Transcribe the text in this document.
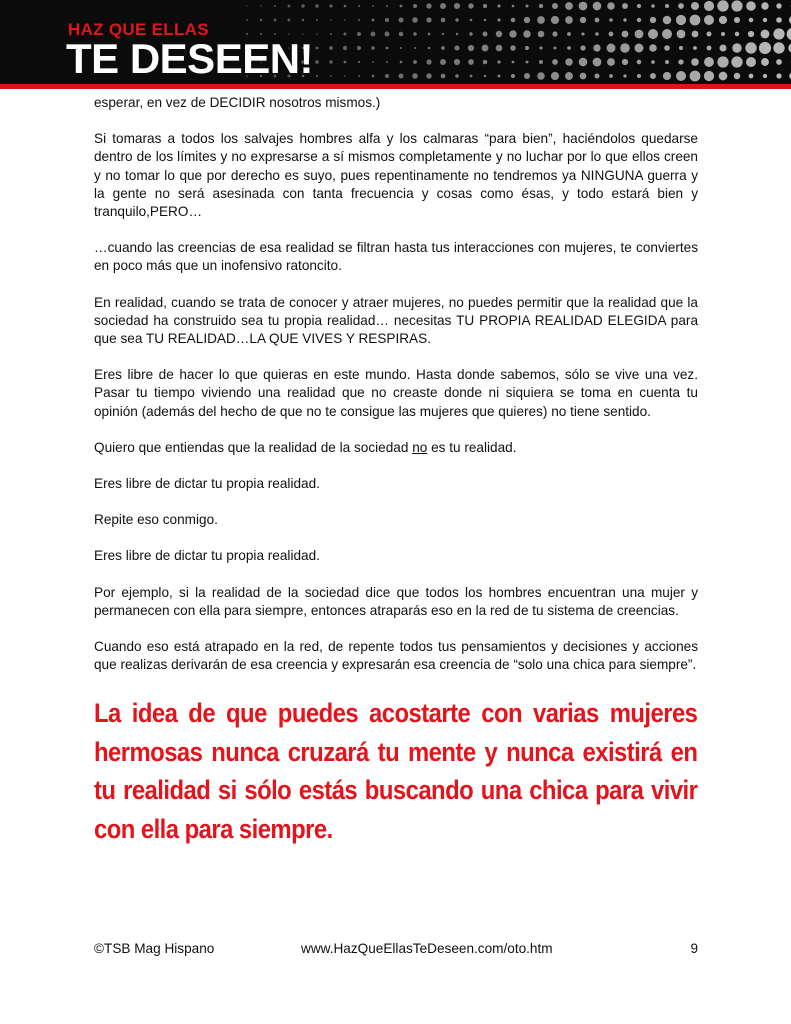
HAZ QUE ELLAS
TE DESEEN!

esperar, en vez de DECIDIR nosotros mismos.)

Si tomaras a todos los salvajes hombres alfa y los calmaras “para bien”, haciéndolos quedarse dentro de los límites y no expresarse a sí mismos completamente y no luchar por lo que ellos creen y no tomar lo que por derecho es suyo, pues repentinamente no tendremos ya NINGUNA guerra y la gente no será asesinada con tanta frecuencia y cosas como ésas, y todo estará bien y tranquilo,PERO…

…cuando las creencias de esa realidad se filtran hasta tus interacciones con mujeres, te conviertes en poco más que un inofensivo ratoncito.

En realidad, cuando se trata de conocer y atraer mujeres, no puedes permitir que la realidad que la sociedad ha construido sea tu propia realidad… necesitas TU PROPIA REALIDAD ELEGIDA para que sea TU REALIDAD…LA QUE VIVES Y RESPIRAS.

Eres libre de hacer lo que quieras en este mundo. Hasta donde sabemos, sólo se vive una vez. Pasar tu tiempo viviendo una realidad que no creaste donde ni siquiera se toma en cuenta tu opinión (además del hecho de que no te consigue las mujeres que quieres) no tiene sentido.

Quiero que entiendas que la realidad de la sociedad no es tu realidad.

Eres libre de dictar tu propia realidad.

Repite eso conmigo.

Eres libre de dictar tu propia realidad.

Por ejemplo, si la realidad de la sociedad dice que todos los hombres encuentran una mujer y permanecen con ella para siempre, entonces atraparás eso en la red de tu sistema de creencias.

Cuando eso está atrapado en la red, de repente todos tus pensamientos y decisiones y acciones que realizas derivarán de esa creencia y expresarán esa creencia de “solo una chica para siempre”.

La idea de que puedes acostarte con varias mujeres hermosas nunca cruzará tu mente y nunca existirá en tu realidad si sólo estás buscando una chica para vivir con ella para siempre.

©TSB Mag Hispano	www.HazQueEllasTeDeseen.com/oto.htm	9
